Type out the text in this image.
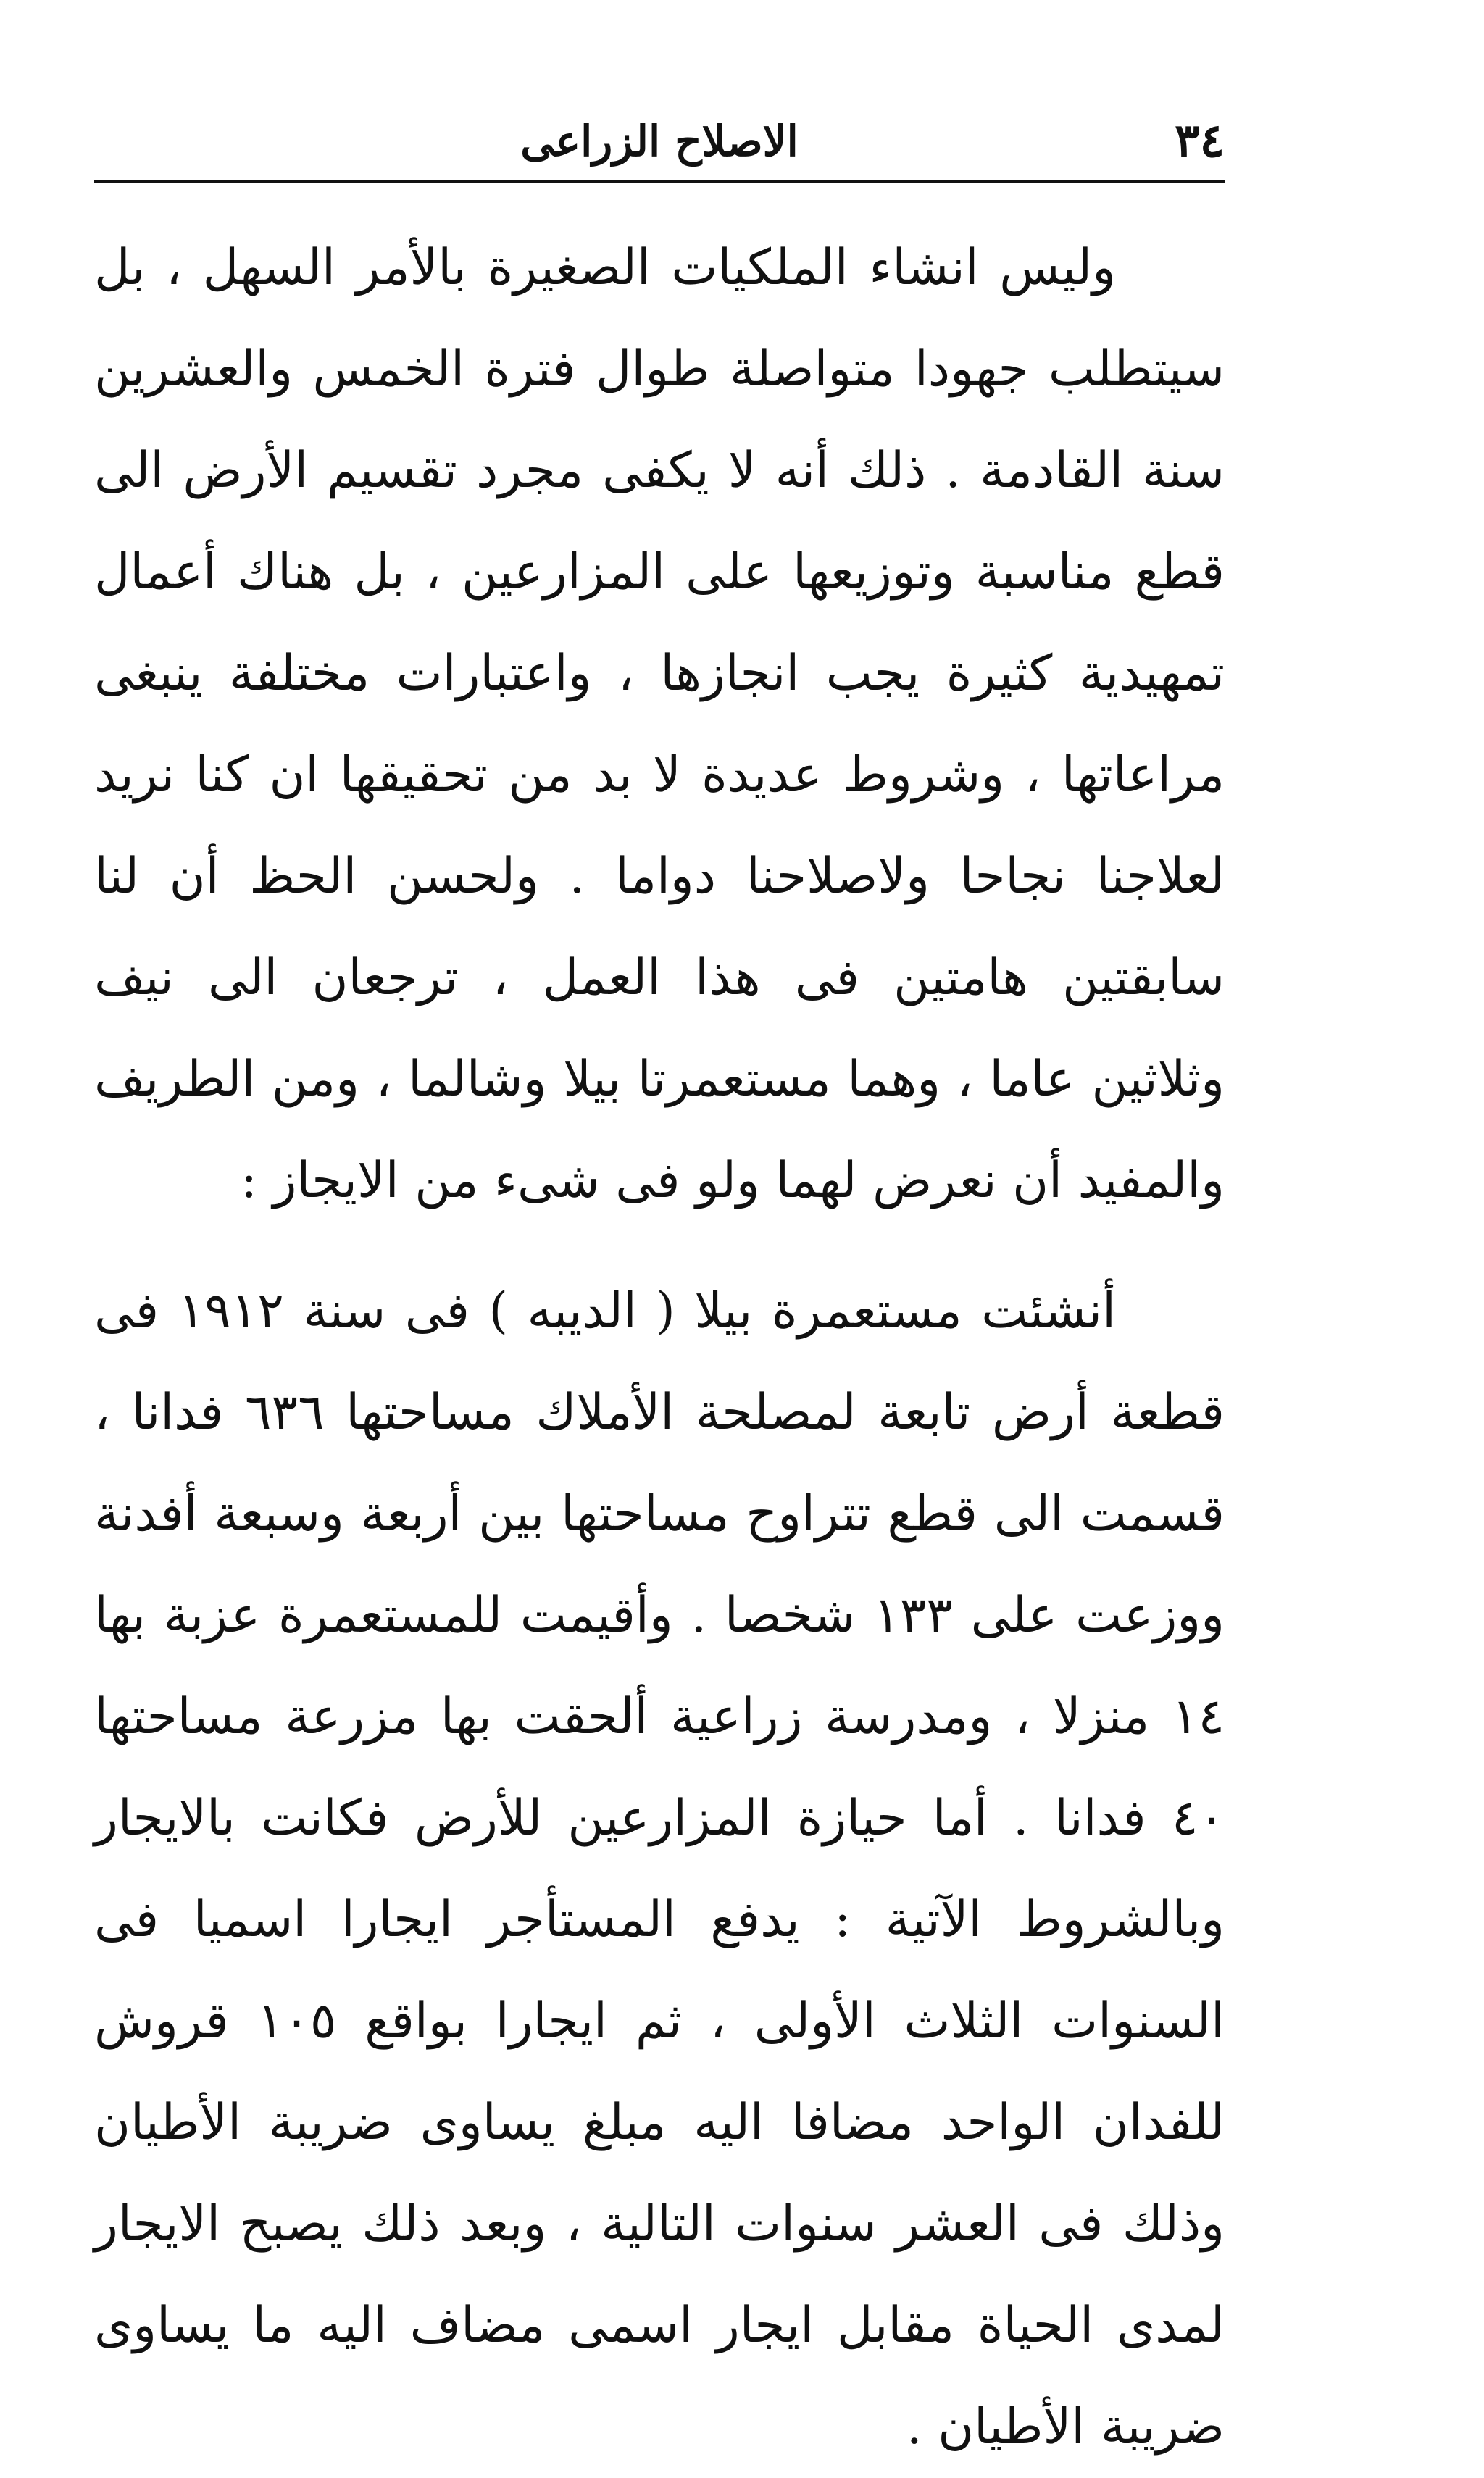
٣٤
الاصلاح الزراعى

وليس انشاء الملكيات الصغيرة بالأمر السهل ، بل سيتطلب جهودا متواصلة طوال فترة الخمس والعشرين سنة القادمة . ذلك أنه لا يكفى مجرد تقسيم الأرض الى قطع مناسبة وتوزيعها على المزارعين ، بل هناك أعمال تمهيدية كثيرة يجب انجازها ، واعتبارات مختلفة ينبغى مراعاتها ، وشروط عديدة لا بد من تحقيقها ان كنا نريد لعلاجنا نجاحا ولاصلاحنا دواما . ولحسن الحظ أن لنا سابقتين هامتين فى هذا العمل ، ترجعان الى نيف وثلاثين عاما ، وهما مستعمرتا بيلا وشالما ، ومن الطريف والمفيد أن نعرض لهما ولو فى شىء من الايجاز :

أنشئت مستعمرة بيلا ( الديبه ) فى سنة ١٩١٢ فى قطعة أرض تابعة لمصلحة الأملاك مساحتها ٦٣٦ فدانا ، قسمت الى قطع تتراوح مساحتها بين أربعة وسبعة أفدنة ووزعت على ١٣٣ شخصا . وأقيمت للمستعمرة عزبة بها ١٤ منزلا ، ومدرسة زراعية ألحقت بها مزرعة مساحتها ٤٠ فدانا . أما حيازة المزارعين للأرض فكانت بالايجار وبالشروط الآتية : يدفع المستأجر ايجارا اسميا فى السنوات الثلاث الأولى ، ثم ايجارا بواقع ١٠٥ قروش للفدان الواحد مضافا اليه مبلغ يساوى ضريبة الأطيان وذلك فى العشر سنوات التالية ، وبعد ذلك يصبح الايجار لمدى الحياة مقابل ايجار اسمى مضاف اليه ما يساوى ضريبة الأطيان .
